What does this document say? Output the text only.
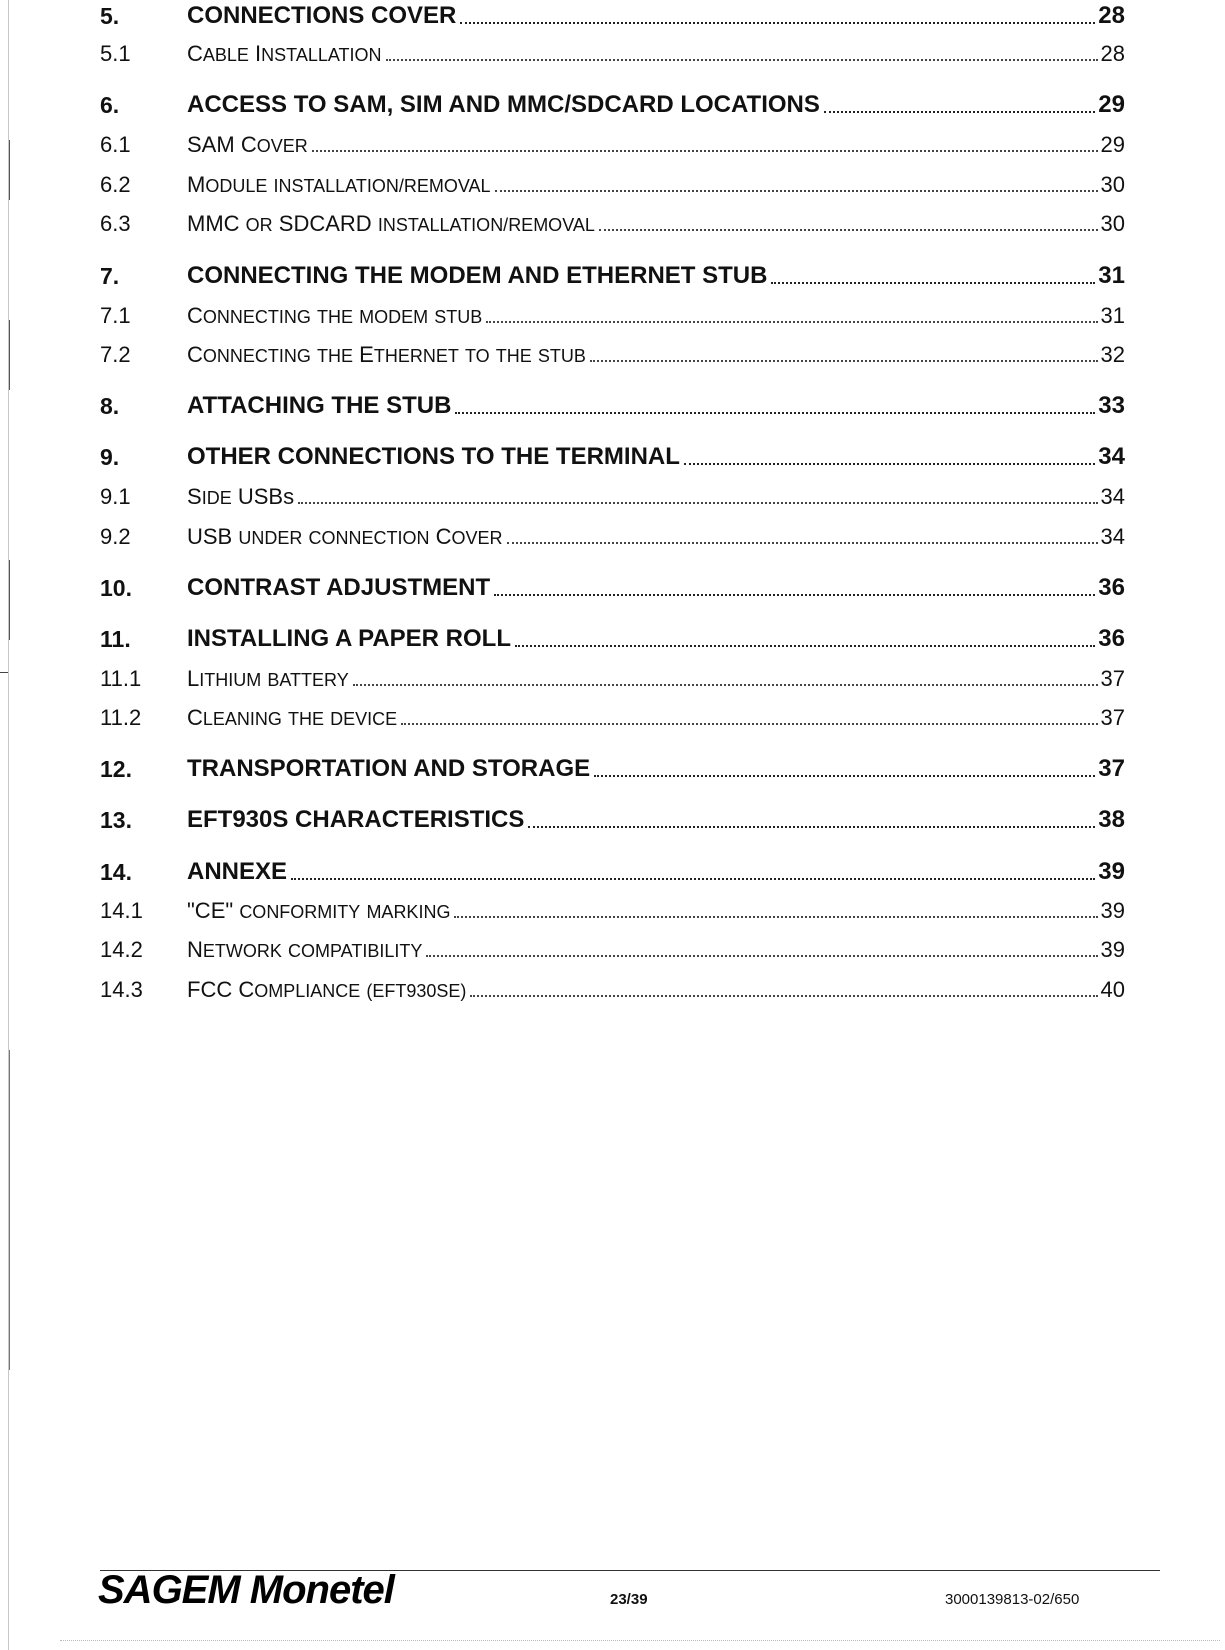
5.	CONNECTIONS COVER	28
5.1	CABLE INSTALLATION	28
6.	ACCESS TO SAM, SIM AND MMC/SDCARD LOCATIONS	29
6.1	SAM COVER	29
6.2	MODULE INSTALLATION/REMOVAL	30
6.3	MMC OR SDCARD INSTALLATION/REMOVAL	30
7.	CONNECTING THE MODEM AND ETHERNET STUB	31
7.1	CONNECTING THE MODEM STUB	31
7.2	CONNECTING THE ETHERNET TO THE STUB	32
8.	ATTACHING THE STUB	33
9.	OTHER CONNECTIONS TO THE TERMINAL	34
9.1	SIDE USBs	34
9.2	USB UNDER CONNECTION COVER	34
10.	CONTRAST ADJUSTMENT	36
11.	INSTALLING A PAPER ROLL	36
11.1	LITHIUM BATTERY	37
11.2	CLEANING THE DEVICE	37
12.	TRANSPORTATION AND STORAGE	37
13.	EFT930S CHARACTERISTICS	38
14.	ANNEXE	39
14.1	"CE" CONFORMITY MARKING	39
14.2	NETWORK COMPATIBILITY	39
14.3	FCC COMPLIANCE (EFT930SE)	40
SAGEM Monetel	23/39	3000139813-02/650
